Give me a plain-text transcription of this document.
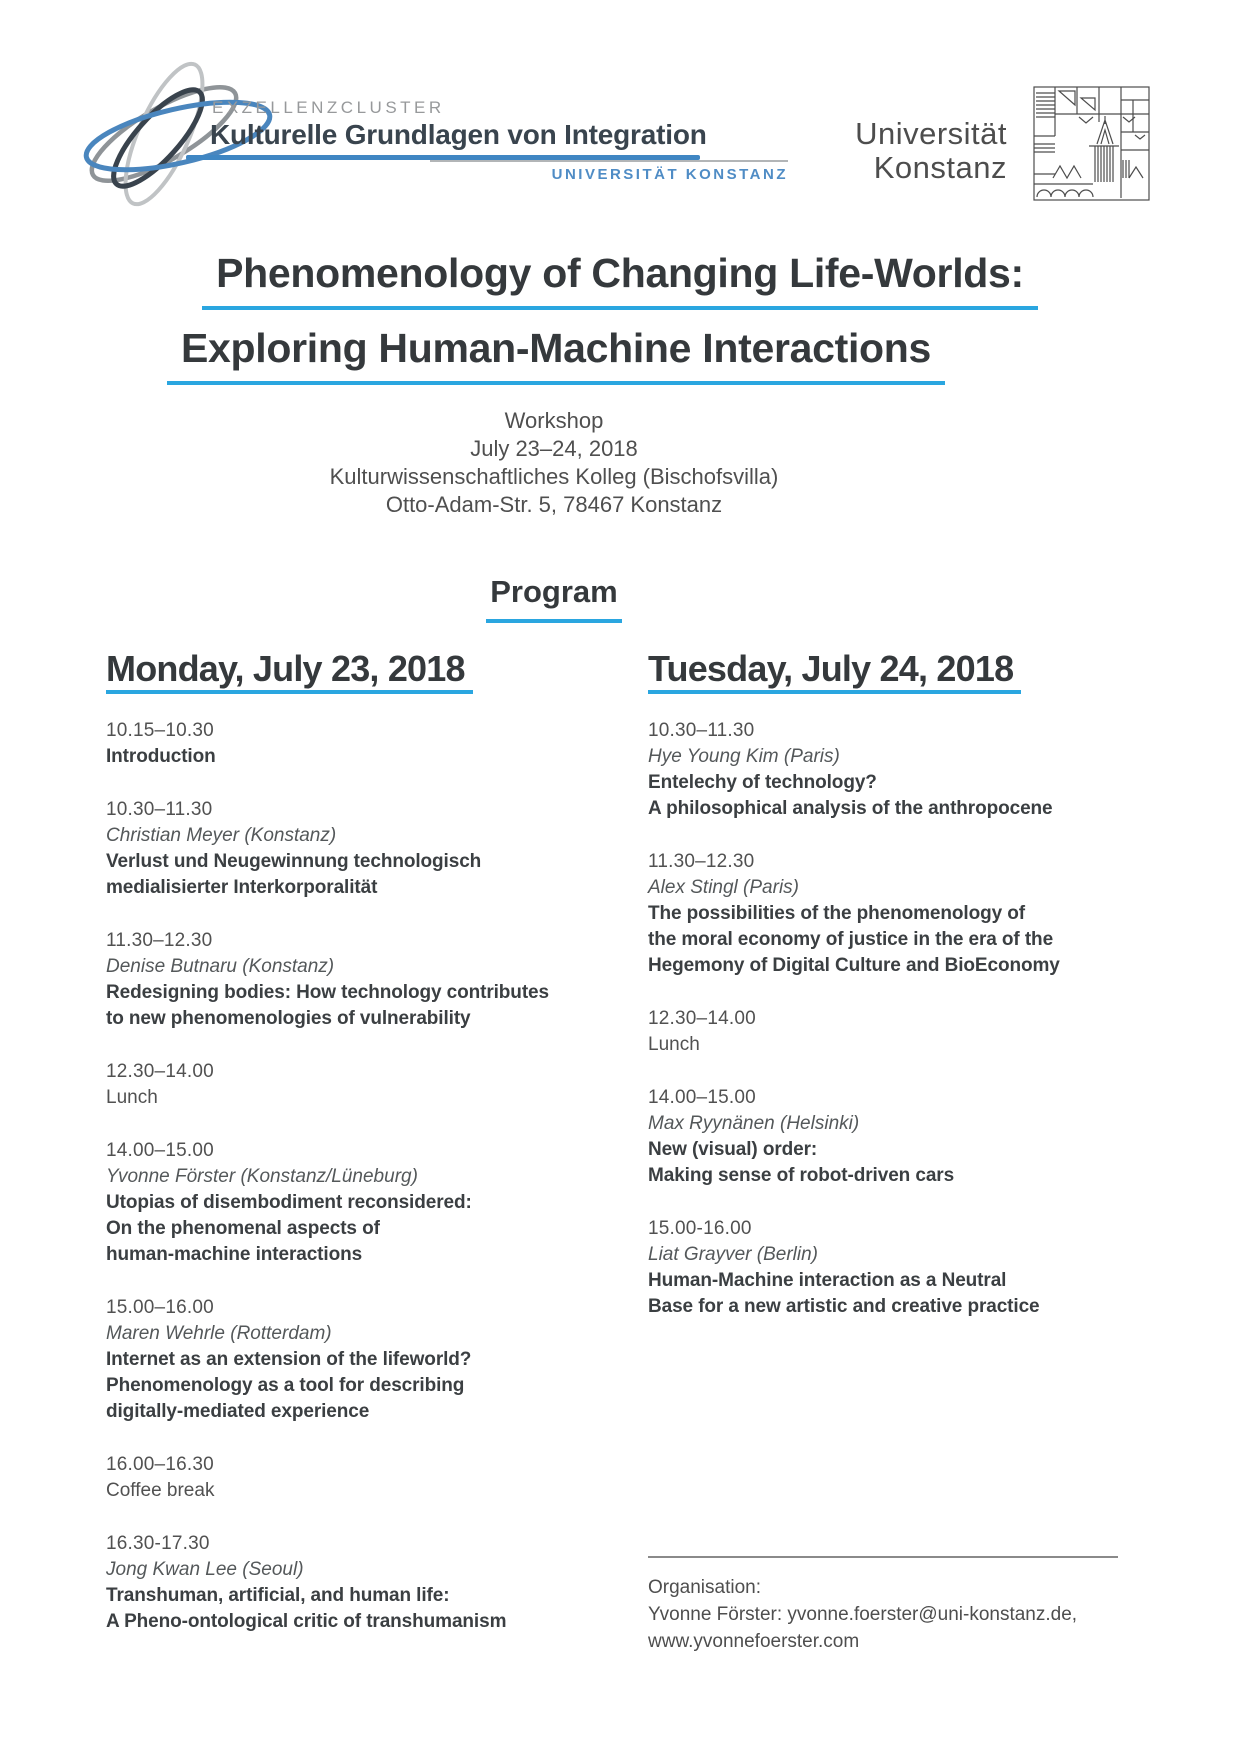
EXZELLENZCLUSTER
Kulturelle Grundlagen von Integration
UNIVERSITÄT KONSTANZ
Universität
Konstanz
Phenomenology of Changing Life-Worlds:
Exploring Human-Machine Interactions
Workshop
July 23–24, 2018
Kulturwissenschaftliches Kolleg (Bischofsvilla)
Otto-Adam-Str. 5, 78467 Konstanz
Program
Monday, July 23, 2018
10.15–10.30
Introduction
10.30–11.30
Christian Meyer (Konstanz)
Verlust und Neugewinnung technologisch
medialisierter Interkorporalität
11.30–12.30
Denise Butnaru (Konstanz)
Redesigning bodies: How technology contributes
to new phenomenologies of vulnerability
12.30–14.00
Lunch
14.00–15.00
Yvonne Förster (Konstanz/Lüneburg)
Utopias of disembodiment reconsidered:
On the phenomenal aspects of
human-machine interactions
15.00–16.00
Maren Wehrle (Rotterdam)
Internet as an extension of the lifeworld?
Phenomenology as a tool for describing
digitally-mediated experience
16.00–16.30
Coffee break
16.30-17.30
Jong Kwan Lee (Seoul)
Transhuman, artificial, and human life:
A Pheno-ontological critic of transhumanism
Tuesday, July 24, 2018
10.30–11.30
Hye Young Kim (Paris)
Entelechy of technology?
A philosophical analysis of the anthropocene
11.30–12.30
Alex Stingl (Paris)
The possibilities of the phenomenology of
the moral economy of justice in the era of the
Hegemony of Digital Culture and BioEconomy
12.30–14.00
Lunch
14.00–15.00
Max Ryynänen (Helsinki)
New (visual) order:
Making sense of robot-driven cars
15.00-16.00
Liat Grayver (Berlin)
Human-Machine interaction as a Neutral
Base for a new artistic and creative practice
Organisation:
Yvonne Förster: yvonne.foerster@uni-konstanz.de,
www.yvonnefoerster.com
